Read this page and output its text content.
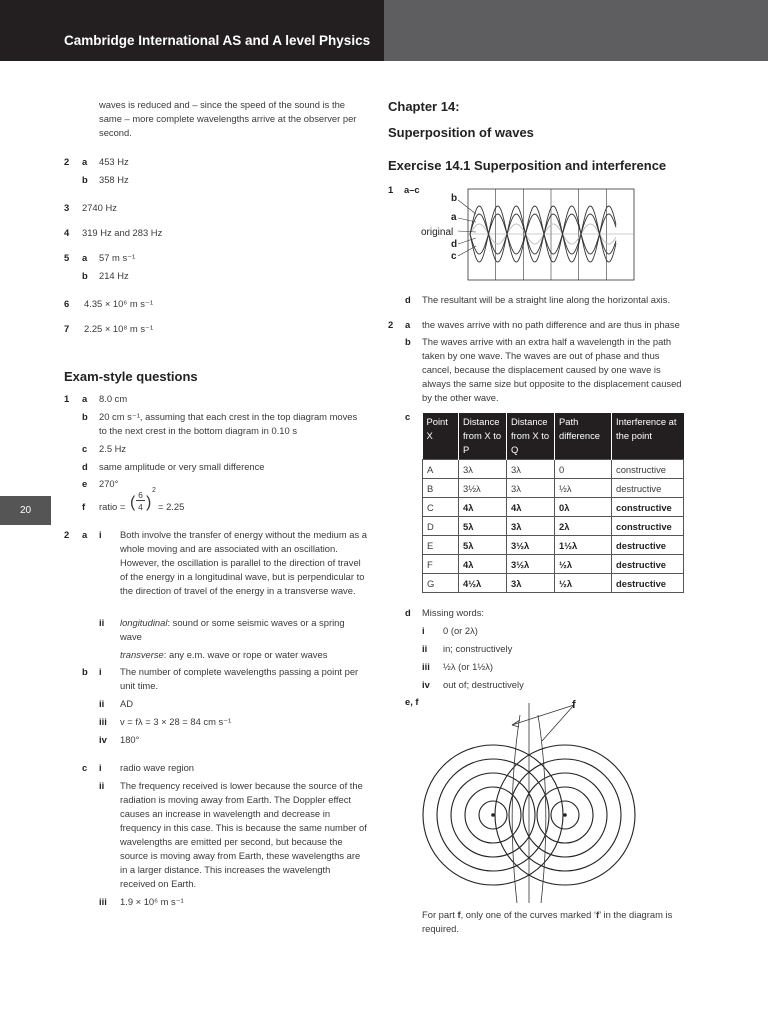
Cambridge International AS and A level Physics
20
waves is reduced and – since the speed of the sound is the same – more complete wavelengths arrive at the observer per second.
2 a 453 Hz
b 358 Hz
3 2740 Hz
4 319 Hz and 283 Hz
5 a 57 m s⁻¹
b 214 Hz
6 4.35 × 10⁶ m s⁻¹
7 2.25 × 10⁸ m s⁻¹
Exam-style questions
1 a 8.0 cm
b 20 cm s⁻¹, assuming that each crest in the top diagram moves to the next crest in the bottom diagram in 0.10 s
c 2.5 Hz
d same amplitude or very small difference
e 270°
f ratio = ( 6
4 )
2
= 2.25
2 a i Both involve the transfer of energy without the medium as a whole moving and are associated with an oscillation. However, the oscillation is parallel to the direction of travel of the energy in a longitudinal wave, but is perpendicular to the direction of travel of the energy in a transverse wave.
ii longitudinal: sound or some seismic waves or a spring wave
transverse: any e.m. wave or rope or water waves
b i The number of complete wavelengths passing a point per unit time.
ii AD
iii v = fλ = 3 × 28 = 84 cm s⁻¹
iv 180°
c i radio wave region
ii The frequency received is lower because the source of the radiation is moving away from Earth. The Doppler effect causes an increase in wavelength and decrease in frequency in this case. This is because the same number of wavelengths are emitted per second, but because the source is moving away from Earth, these wavelengths are in a larger distance. This increases the wavelength received on Earth.
iii 1.9 × 10⁶ m s⁻¹
Chapter 14:
Superposition of waves
Exercise 14.1 Superposition and interference
1 a–c
b
a
original
d
c
d The resultant will be a straight line along the horizontal axis.
2 a the waves arrive with no path difference and are thus in phase
b The waves arrive with an extra half a wavelength in the path taken by one wave. The waves are out of phase and thus cancel, because the displacement caused by one wave is always the same size but opposite to the displacement caused by the other wave.
c Point X	Distance from X to P	Distance from X to Q	Path difference	Interference at the point
A	3λ	3λ	0	constructive
B	3½λ	3λ	½λ	destructive
C	4λ	4λ	0λ	constructive
D	5λ	3λ	2λ	constructive
E	5λ	3½λ	1½λ	destructive
F	4λ	3½λ	½λ	destructive
G	4½λ	3λ	½λ	destructive
d Missing words:
i 0 (or 2λ)
ii in; constructively
iii ½λ (or 1½λ)
iv out of; destructively
e, f	f
For part f, only one of the curves marked ‘f’ in the diagram is required.
